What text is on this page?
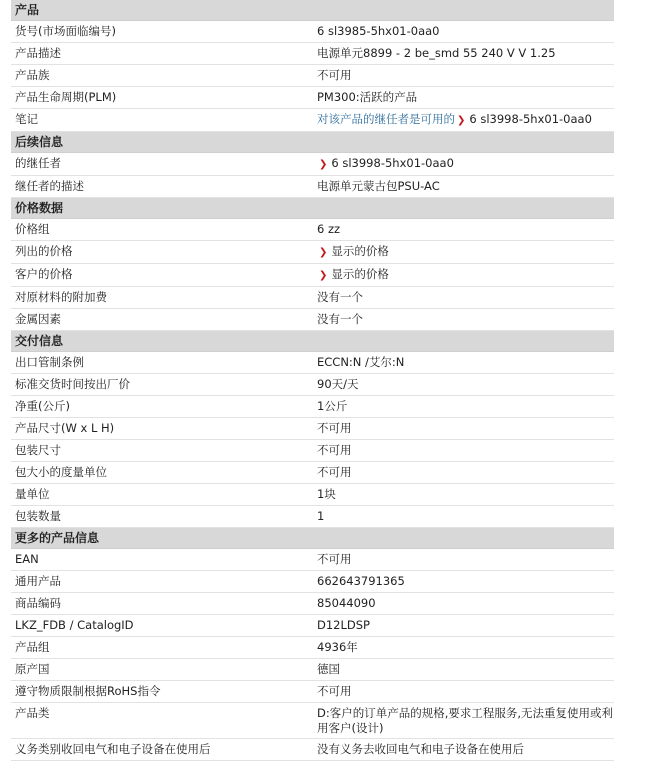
产品
货号(市场面临编号)	6 sl3985-5hx01-0aa0
产品描述	电源单元8899 - 2 be_smd 55 240 V V 1.25
产品族	不可用
产品生命周期(PLM)	PM300:活跃的产品
笔记	对该产品的继任者是可用的 ❯ 6 sl3998-5hx01-0aa0
后续信息
的继任者	❯ 6 sl3998-5hx01-0aa0
继任者的描述	电源单元蒙古包PSU-AC
价格数据
价格组	6 zz
列出的价格	❯ 显示的价格
客户的价格	❯ 显示的价格
对原材料的附加费	没有一个
金属因素	没有一个
交付信息
出口管制条例	ECCN:N /艾尔:N
标准交货时间按出厂价	90天/天
净重(公斤)	1公斤
产品尺寸(W x L H)	不可用
包装尺寸	不可用
包大小的度量单位	不可用
量单位	1块
包装数量	1
更多的产品信息
EAN	不可用
通用产品	662643791365
商品编码	85044090
LKZ_FDB / CatalogID	D12LDSP
产品组	4936年
原产国	德国
遵守物质限制根据RoHS指令	不可用
产品类	D:客户的订单产品的规格,要求工程服务,无法重复使用或利用客户(设计)
义务类别收回电气和电子设备在使用后	没有义务去收回电气和电子设备在使用后
